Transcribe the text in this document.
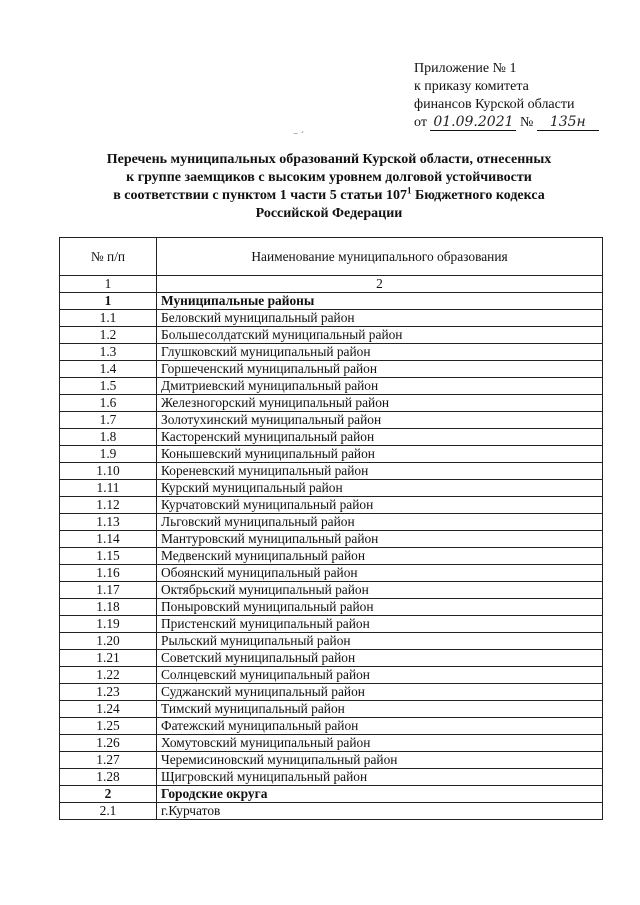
Приложение № 1
к приказу комитета
финансов Курской области
от 01.09.2021 № 135н
⁻ ´
Перечень муниципальных образований Курской области, отнесенных
к группе заемщиков с высоким уровнем долговой устойчивости
в соответствии с пунктом 1 части 5 статьи $107^1$ Бюджетного кодекса
Российской Федерации
№ п/п	Наименование муниципального образования
1	2
1	Муниципальные районы
1.1	Беловский муниципальный район
1.2	Большесолдатский муниципальный район
1.3	Глушковский муниципальный район
1.4	Горшеченский муниципальный район
1.5	Дмитриевский муниципальный район
1.6	Железногорский муниципальный район
1.7	Золотухинский муниципальный район
1.8	Касторенский муниципальный район
1.9	Конышевский муниципальный район
1.10	Кореневский муниципальный район
1.11	Курский муниципальный район
1.12	Курчатовский муниципальный район
1.13	Льговский муниципальный район
1.14	Мантуровский муниципальный район
1.15	Медвенский муниципальный район
1.16	Обоянский муниципальный район
1.17	Октябрьский муниципальный район
1.18	Поныровский муниципальный район
1.19	Пристенский муниципальный район
1.20	Рыльский муниципальный район
1.21	Советский муниципальный район
1.22	Солнцевский муниципальный район
1.23	Суджанский муниципальный район
1.24	Тимский муниципальный район
1.25	Фатежский муниципальный район
1.26	Хомутовский муниципальный район
1.27	Черемисиновский муниципальный район
1.28	Щигровский муниципальный район
2	Городские округа
2.1	г.Курчатов
